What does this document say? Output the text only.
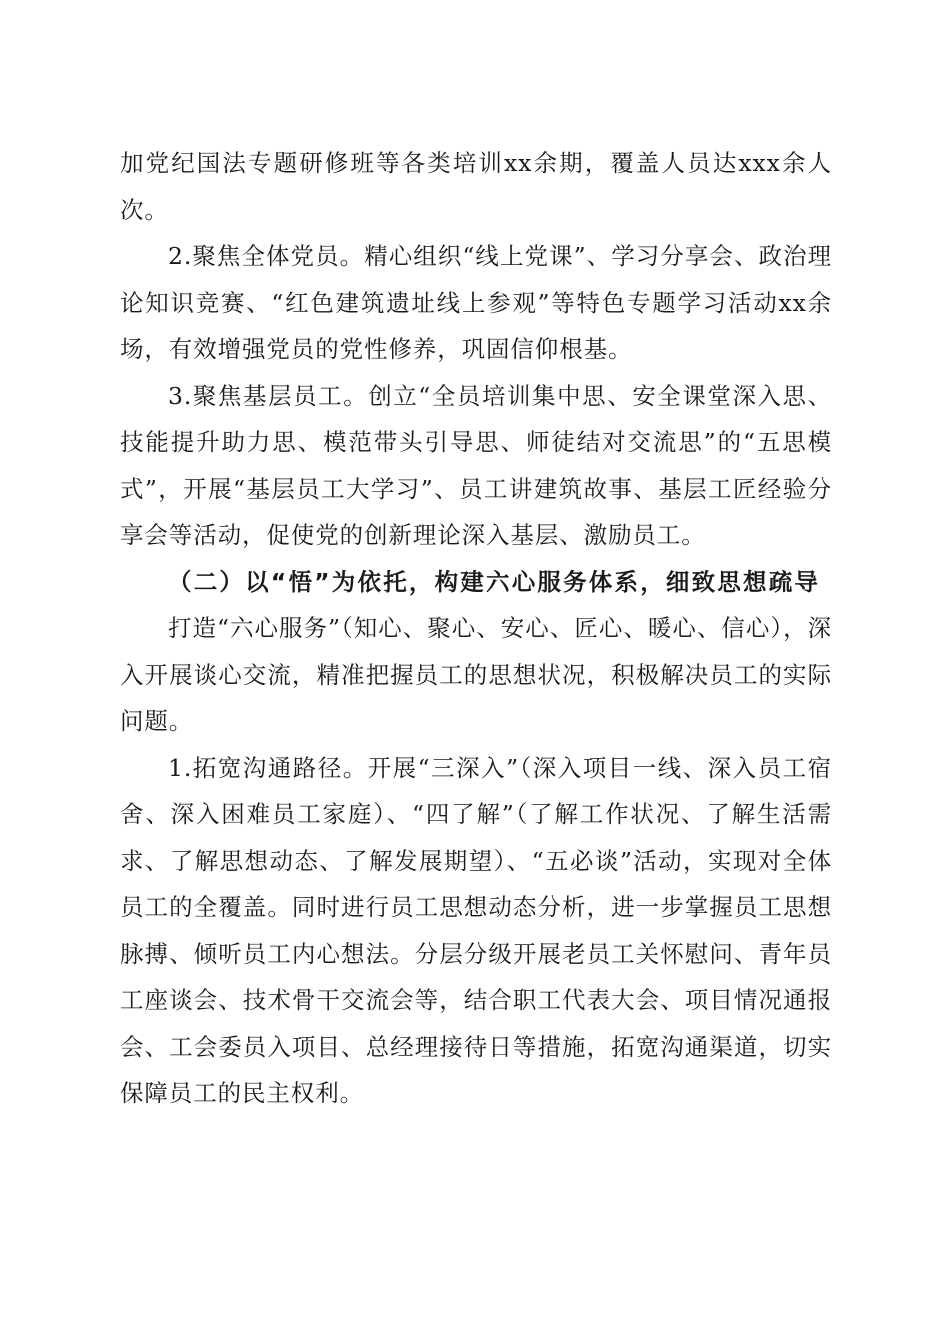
加党纪国法专题研修班等各类培训xx余期，覆盖人员达xxx余人次。

2.聚焦全体党员。精心组织“线上党课”、学习分享会、政治理论知识竞赛、“红色建筑遗址线上参观”等特色专题学习活动xx余场，有效增强党员的党性修养，巩固信仰根基。

3.聚焦基层员工。创立“全员培训集中思、安全课堂深入思、技能提升助力思、模范带头引导思、师徒结对交流思”的“五思模式”，开展“基层员工大学习”、员工讲建筑故事、基层工匠经验分享会等活动，促使党的创新理论深入基层、激励员工。

（二）以“悟”为依托，构建六心服务体系，细致思想疏导

打造“六心服务”（知心、聚心、安心、匠心、暖心、信心），深入开展谈心交流，精准把握员工的思想状况，积极解决员工的实际问题。

1.拓宽沟通路径。开展“三深入”（深入项目一线、深入员工宿舍、深入困难员工家庭）、“四了解”（了解工作状况、了解生活需求、了解思想动态、了解发展期望）、“五必谈”活动，实现对全体员工的全覆盖。同时进行员工思想动态分析，进一步掌握员工思想脉搏、倾听员工内心想法。分层分级开展老员工关怀慰问、青年员工座谈会、技术骨干交流会等，结合职工代表大会、项目情况通报会、工会委员入项目、总经理接待日等措施，拓宽沟通渠道，切实保障员工的民主权利。
